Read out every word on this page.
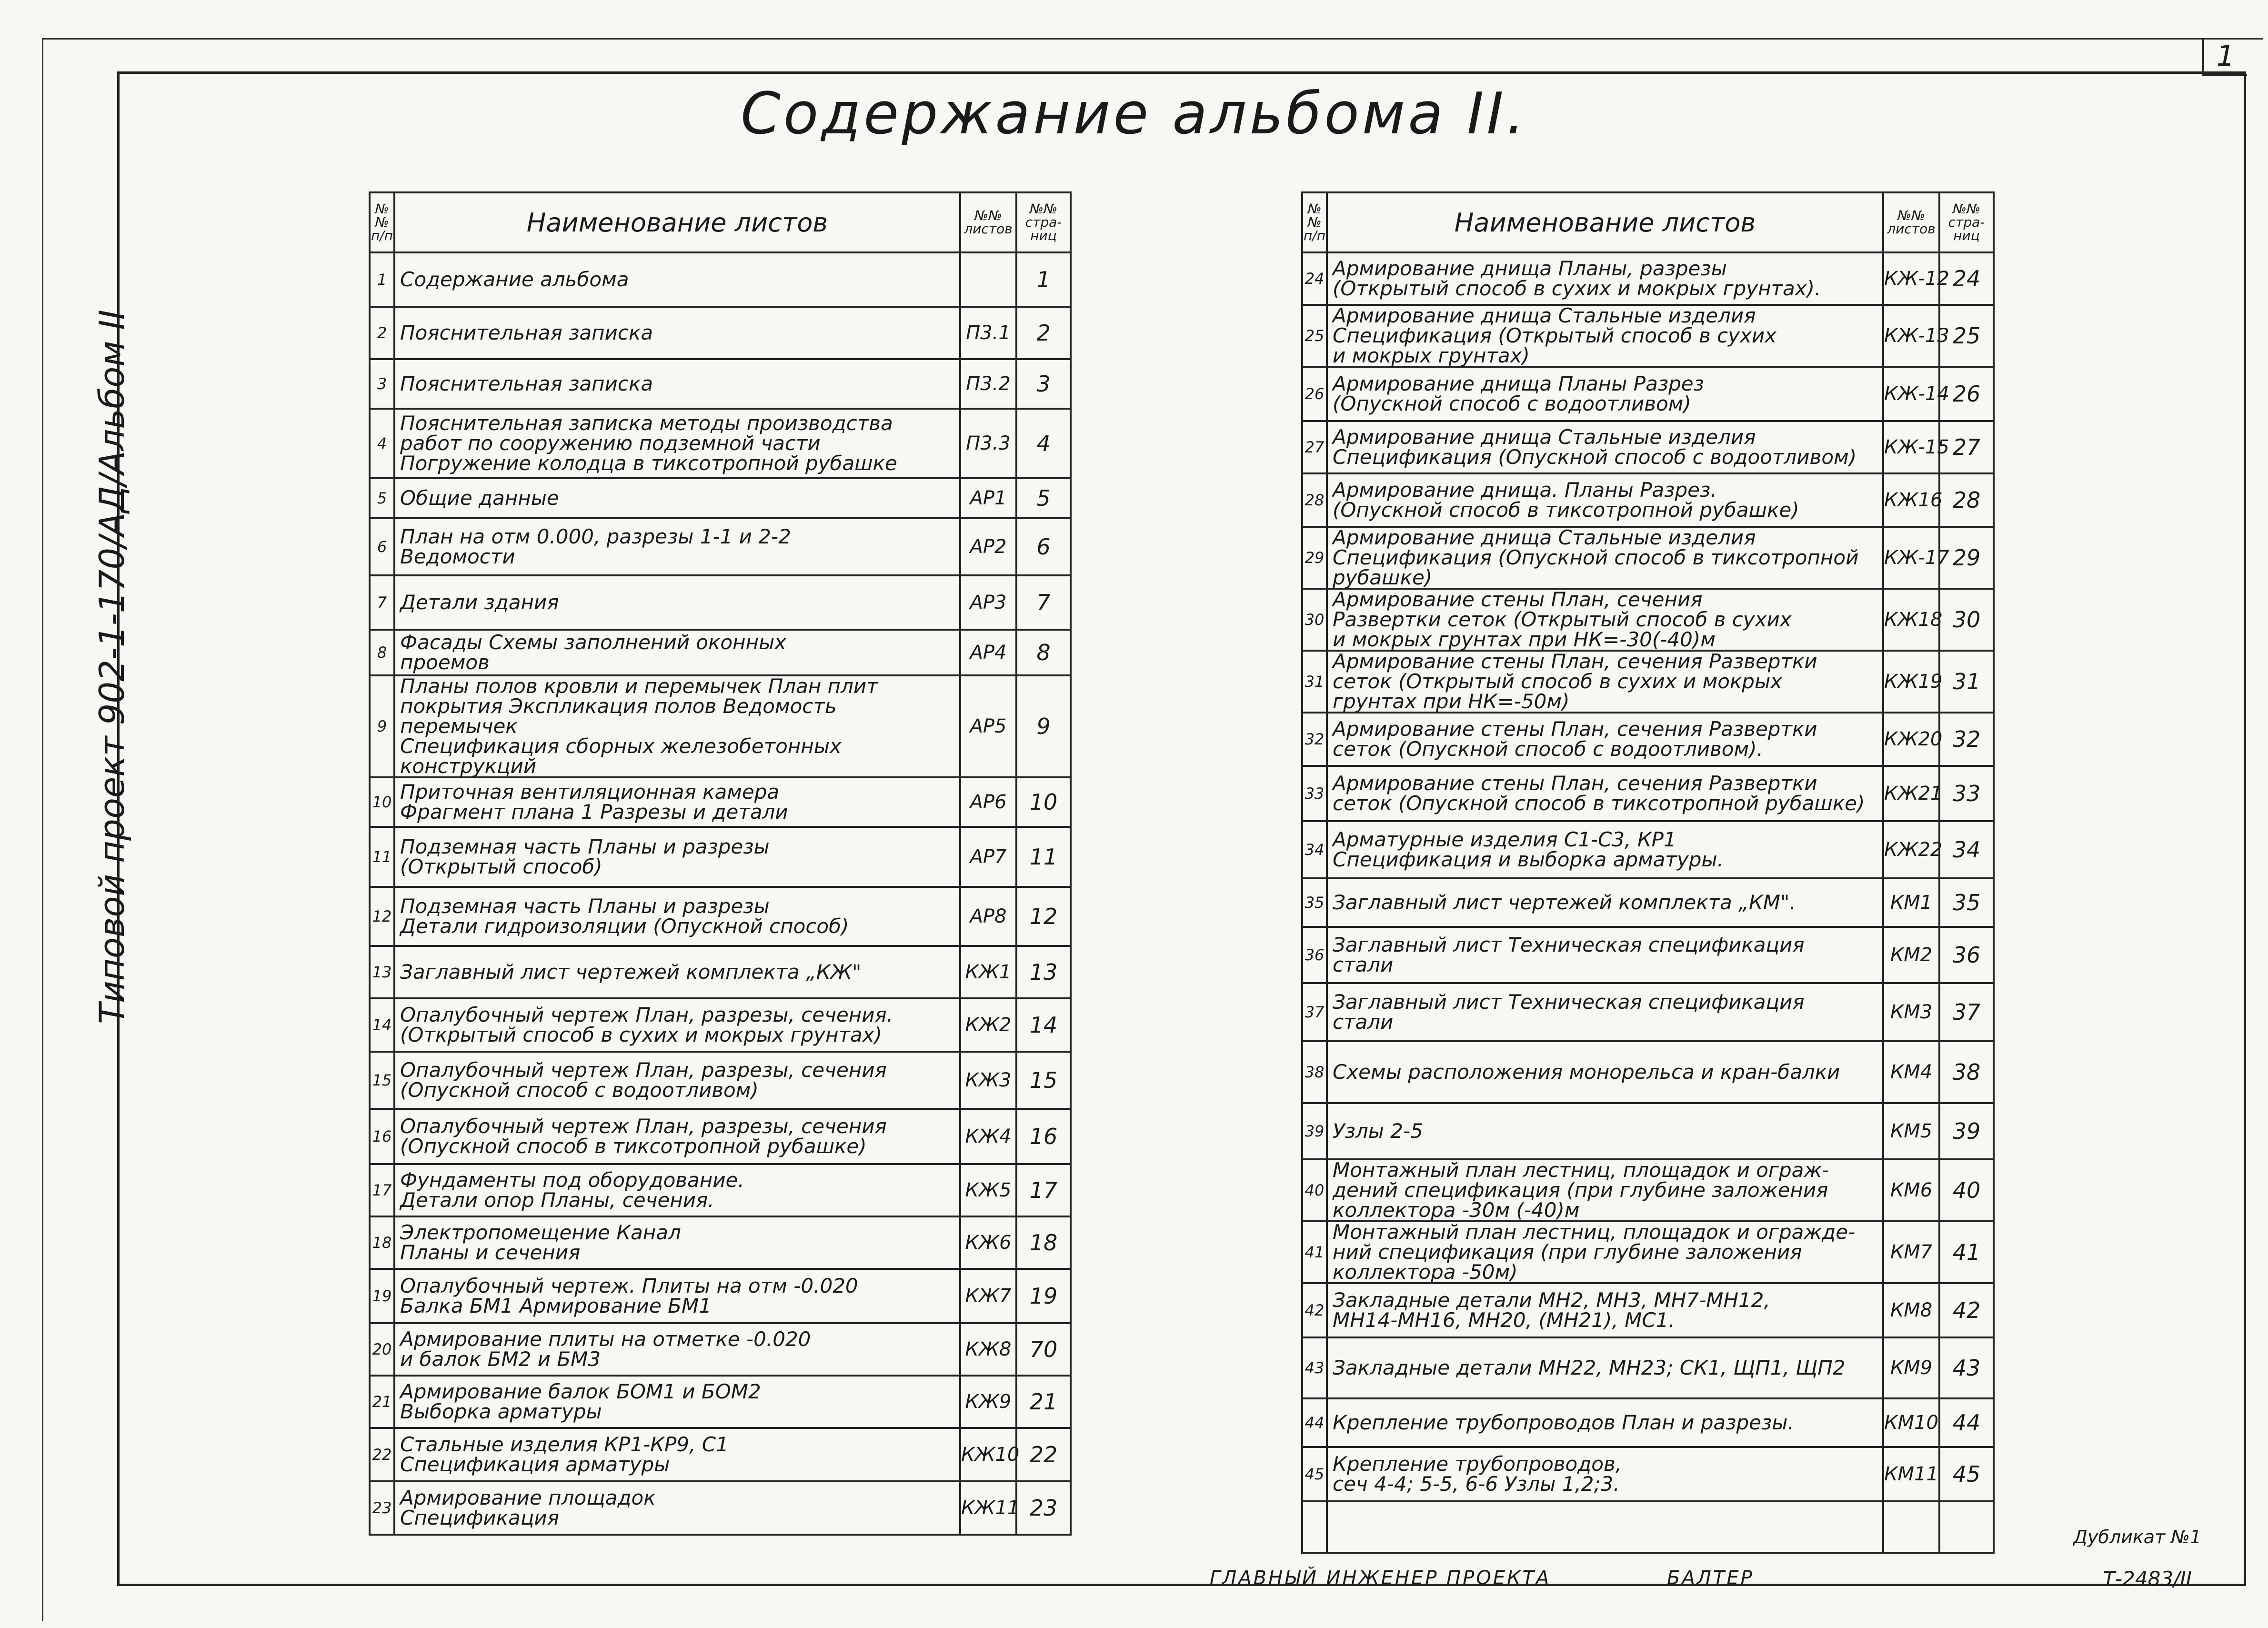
1
Содержание альбома II.
Типовой проект 902-1-170/АД/Альбом II
№№
п/п	Наименование листов	№№
листов	№№
стра-
ниц
1	Содержание альбома		1
2	Пояснительная записка	П3.1	2
3	Пояснительная записка	П3.2	3
4	Пояснительная записка методы производства
работ по сооружению подземной части
Погружение колодца в тиксотропной рубашке	П3.3	4
5	Общие данные	АР1	5
6	План на отм 0.000, разрезы 1-1 и 2-2
Ведомости	АР2	6
7	Детали здания	АР3	7
8	Фасады Схемы заполнений оконных
проемов	АР4	8
9	Планы полов кровли и перемычек План плит
покрытия Экспликация полов Ведомость перемычек
Спецификация сборных железобетонных
конструкций	АР5	9
10	Приточная вентиляционная камера
Фрагмент плана 1 Разрезы и детали	АР6	10
11	Подземная часть Планы и разрезы
(Открытый способ)	АР7	11
12	Подземная часть Планы и разрезы
Детали гидроизоляции (Опускной способ)	АР8	12
13	Заглавный лист чертежей комплекта „КЖ"	КЖ1	13
14	Опалубочный чертеж План, разрезы, сечения.
(Открытый способ в сухих и мокрых грунтах)	КЖ2	14
15	Опалубочный чертеж План, разрезы, сечения
(Опускной способ с водоотливом)	КЖ3	15
16	Опалубочный чертеж План, разрезы, сечения
(Опускной способ в тиксотропной рубашке)	КЖ4	16
17	Фундаменты под оборудование.
Детали опор Планы, сечения.	КЖ5	17
18	Электропомещение Канал
Планы и сечения	КЖ6	18
19	Опалубочный чертеж. Плиты на отм -0.020
Балка БМ1 Армирование БМ1	КЖ7	19
20	Армирование плиты на отметке -0.020
и балок БМ2 и БМ3	КЖ8	70
21	Армирование балок БОМ1 и БОМ2
Выборка арматуры	КЖ9	21
22	Стальные изделия КР1-КР9, С1
Спецификация арматуры	КЖ10	22
23	Армирование площадок
Спецификация	КЖ11	23
№№
п/п	Наименование листов	№№
листов	№№
стра-
ниц
24	Армирование днища Планы, разрезы
(Открытый способ в сухих и мокрых грунтах).	КЖ-12	24
25	Армирование днища Стальные изделия
Спецификация (Открытый способ в сухих
и мокрых грунтах)	КЖ-13	25
26	Армирование днища Планы Разрез
(Опускной способ с водоотливом)	КЖ-14	26
27	Армирование днища Стальные изделия
Спецификация (Опускной способ с водоотливом)	КЖ-15	27
28	Армирование днища. Планы Разрез.
(Опускной способ в тиксотропной рубашке)	КЖ16	28
29	Армирование днища Стальные изделия
Спецификация (Опускной способ в тиксотропной
рубашке)	КЖ-17	29
30	Армирование стены План, сечения
Развертки сеток (Открытый способ в сухих
и мокрых грунтах при НК=-30(-40)м	КЖ18	30
31	Армирование стены План, сечения Развертки
сеток (Открытый способ в сухих и мокрых
грунтах при НК=-50м)	КЖ19	31
32	Армирование стены План, сечения Развертки
сеток (Опускной способ с водоотливом).	КЖ20	32
33	Армирование стены План, сечения Развертки
сеток (Опускной способ в тиксотропной рубашке)	КЖ21	33
34	Арматурные изделия С1-С3, КР1
Спецификация и выборка арматуры.	КЖ22	34
35	Заглавный лист чертежей комплекта „КМ".	КМ1	35
36	Заглавный лист Техническая спецификация
стали	КМ2	36
37	Заглавный лист Техническая спецификация
стали	КМ3	37
38	Схемы расположения монорельса и кран-балки	КМ4	38
39	Узлы 2-5	КМ5	39
40	Монтажный план лестниц, площадок и ограж-
дений спецификация (при глубине заложения
коллектора -30м (-40)м	КМ6	40
41	Монтажный план лестниц, площадок и огражде-
ний спецификация (при глубине заложения
коллектора -50м)	КМ7	41
42	Закладные детали МН2, МН3, МН7-МН12,
МН14-МН16, МН20, (МН21), МС1.	КМ8	42
43	Закладные детали МН22, МН23; СК1, ЩП1, ЩП2	КМ9	43
44	Крепление трубопроводов План и разрезы.	КМ10	44
45	Крепление трубопроводов,
сеч 4-4; 5-5, 6-6 Узлы 1,2;3.	КМ11	45

ГЛАВНЫЙ ИНЖЕНЕР ПРОЕКТА	БАЛТЕР
Дубликат №1
Т-2483/II
